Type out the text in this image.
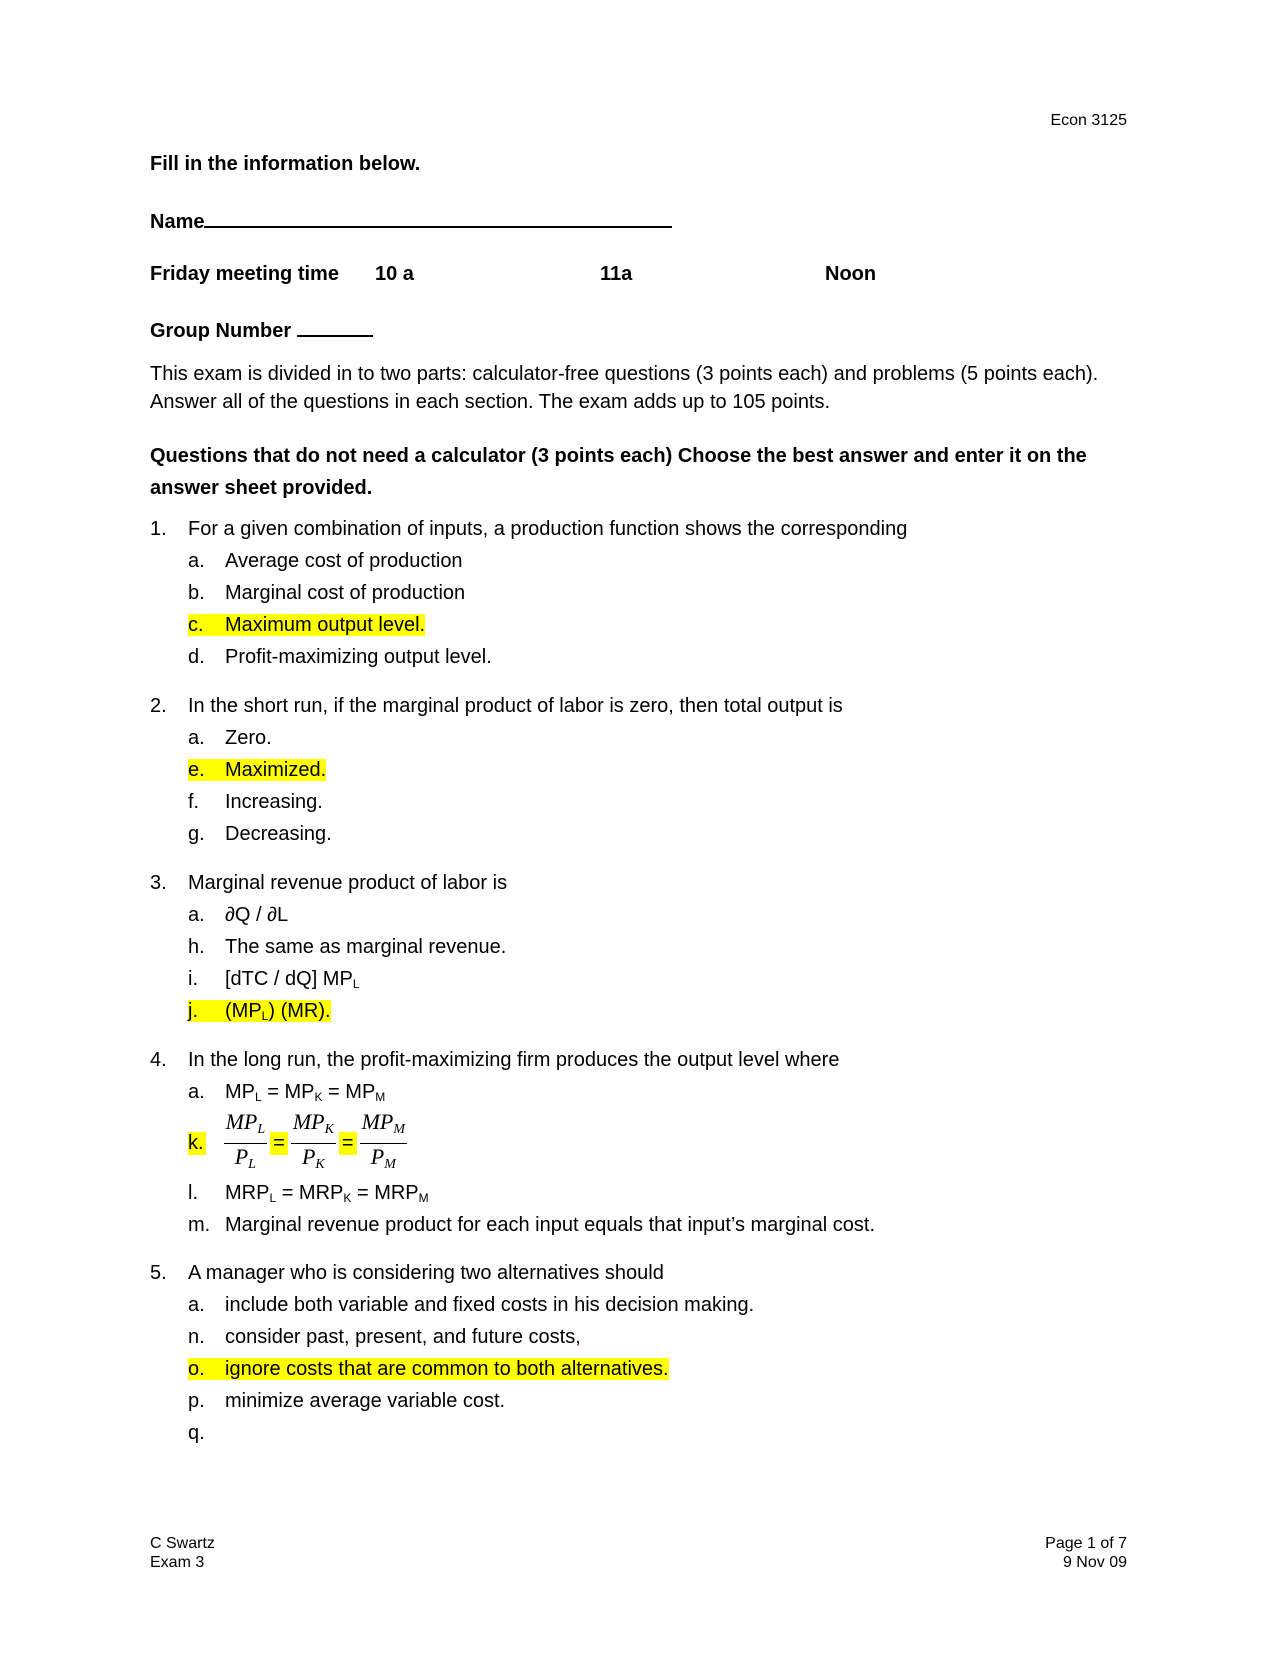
Econ 3125
Fill in the information below.
Name
Friday meeting time 10 a	11a	Noon
Group Number
This exam is divided in to two parts: calculator-free questions (3 points each) and problems (5 points each). Answer all of the questions in each section. The exam adds up to 105 points.
Questions that do not need a calculator (3 points each) Choose the best answer and enter it on the answer sheet provided.
1.	For a given combination of inputs, a production function shows the corresponding
a. Average cost of production
b. Marginal cost of production
c. Maximum output level.
d. Profit-maximizing output level.
2.	In the short run, if the marginal product of labor is zero, then total output is
a. Zero.
e. Maximized.
f. Increasing.
g. Decreasing.
3.	Marginal revenue product of labor is
a. ∂Q / ∂L
h. The same as marginal revenue.
i. [dTC / dQ] $MP_L$
j. $(MP_L)$ (MR).
4.	In the long run, the profit-maximizing firm produces the output level where
a. $MP_L = MP_K = MP_M$
k. $\frac{\text{MPL}}{PL} = \frac{\text{MPK}}{PK} = \frac{\text{MPM}}{PM}$
l. $MRP_L = MRP_K = MRP_M$
m. Marginal revenue product for each input equals that input’s marginal cost.
5.	A manager who is considering two alternatives should
a. include both variable and fixed costs in his decision making.
n. consider past, present, and future costs,
o. ignore costs that are common to both alternatives.
p. minimize average variable cost.
q.
C Swartz
Exam 3
Page 1 of 7
9 Nov 09
